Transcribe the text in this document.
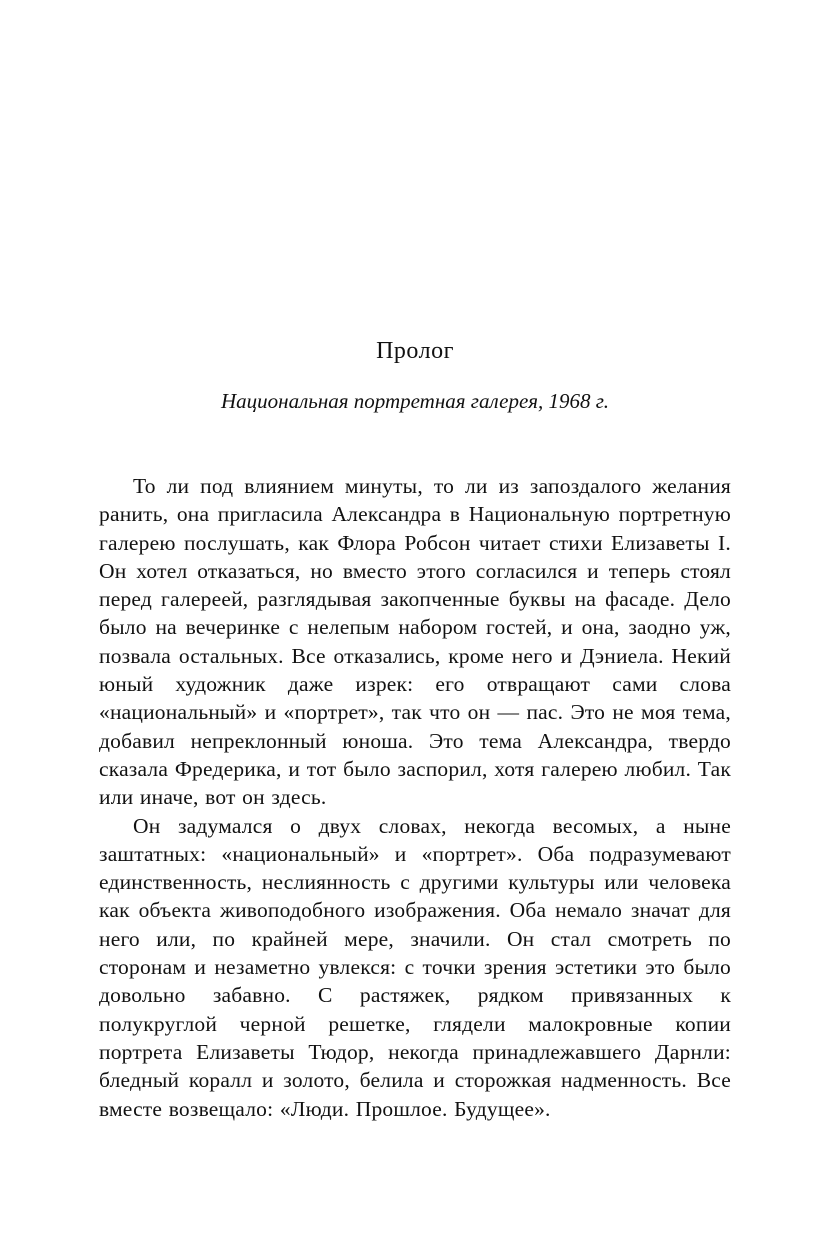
Пролог
Национальная портретная галерея, 1968 г.

То ли под влиянием минуты, то ли из запоздалого желания ранить, она пригласила Александра в Национальную портретную галерею послушать, как Флора Робсон читает стихи Елизаветы I. Он хотел отказаться, но вместо этого согласился и теперь стоял перед галереей, разглядывая закопченные буквы на фасаде. Дело было на вечеринке с нелепым набором гостей, и она, заодно уж, позвала остальных. Все отказались, кроме него и Дэниела. Некий юный художник даже изрек: его отвращают сами слова «национальный» и «портрет», так что он — пас. Это не моя тема, добавил непреклонный юноша. Это тема Александра, твердо сказала Фредерика, и тот было заспорил, хотя галерею любил. Так или иначе, вот он здесь.

Он задумался о двух словах, некогда весомых, а ныне заштатных: «национальный» и «портрет». Оба подразумевают единственность, неслиянность с другими культуры или человека как объекта живоподобного изображения. Оба немало значат для него или, по крайней мере, значили. Он стал смотреть по сторонам и незаметно увлекся: с точки зрения эстетики это было довольно забавно. С растяжек, рядком привязанных к полукруглой черной решетке, глядели малокровные копии портрета Елизаветы Тюдор, некогда принадлежавшего Дарнли: бледный коралл и золото, белила и сторожкая надменность. Все вместе возвещало: «Люди. Прошлое. Будущее».
